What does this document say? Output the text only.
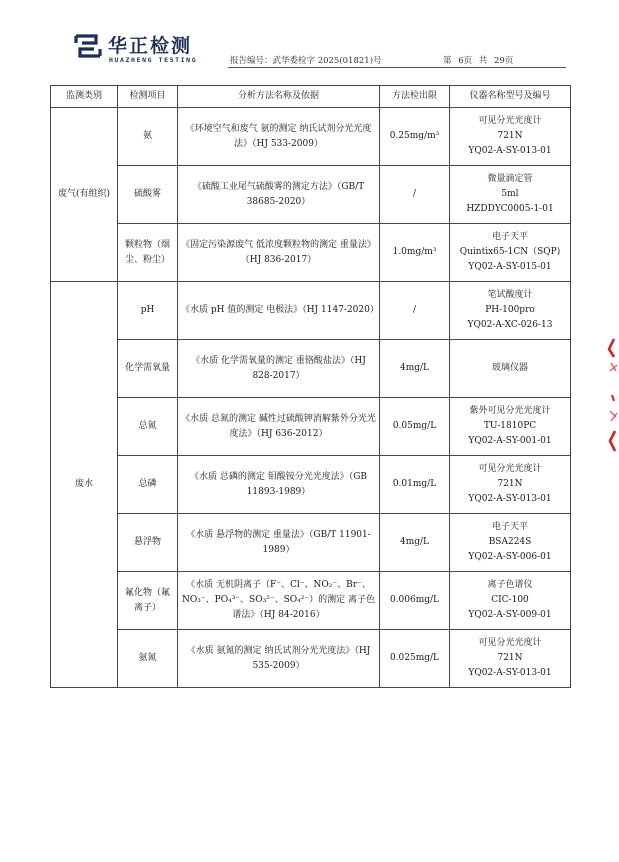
华正检测
HUAZHENG TESTING	报告编号：武华委检字 2025(01821)号	第 6页 共 29页
监测类别	检测项目	分析方法名称及依据	方法检出限	仪器名称型号及编号
废气(有组织)	氨	《环境空气和废气 氨的测定 纳氏试剂分光光度法》（HJ 533-2009）	0.25mg/m³	可见分光光度计
721N
YQ02-A-SY-013-01

	硫酸雾	《硫酸工业尾气硫酸雾的测定方法》（GB/T 38685-2020）	/	微量滴定管
5ml
HZDDYC0005-1-01

	颗粒物（烟尘、粉尘）	《固定污染源废气 低浓度颗粒物的测定 重量法》（HJ 836-2017）	1.0mg/m³	电子天平
Quintix65-1CN（SQP)
YQ02-A-SY-015-01

废水	pH	《水质 pH 值的测定 电极法》（HJ 1147-2020）	/	笔试酸度计
PH-100pro
YQ02-A-XC-026-13

	化学需氧量	《水质 化学需氧量的测定 重铬酸盐法》（HJ 828-2017）	4mg/L	玻璃仪器

	总氮	《水质 总氮的测定 碱性过硫酸钾消解紫外分光光度法》（HJ 636-2012）	0.05mg/L	紫外可见分光光度计
TU-1810PC
YQ02-A-SY-001-01

	总磷	《水质 总磷的测定 钼酸铵分光光度法》（GB 11893-1989）	0.01mg/L	可见分光光度计
721N
YQ02-A-SY-013-01

	悬浮物	《水质 悬浮物的测定 重量法》（GB/T 11901-1989）	4mg/L	电子天平
BSA224S
YQ02-A-SY-006-01

	氟化物（氟离子）	《水质 无机阴离子（F⁻、Cl⁻、NO₂⁻、Br⁻、NO₃⁻、PO₄³⁻、SO₃²⁻、SO₄²⁻）的测定 离子色谱法》（HJ 84-2016）	0.006mg/L	离子色谱仪
CIC-100
YQ02-A-SY-009-01

	氨氮	《水质 氨氮的测定 纳氏试剂分光光度法》（HJ 535-2009）	0.025mg/L	可见分光光度计
721N
YQ02-A-SY-013-01
